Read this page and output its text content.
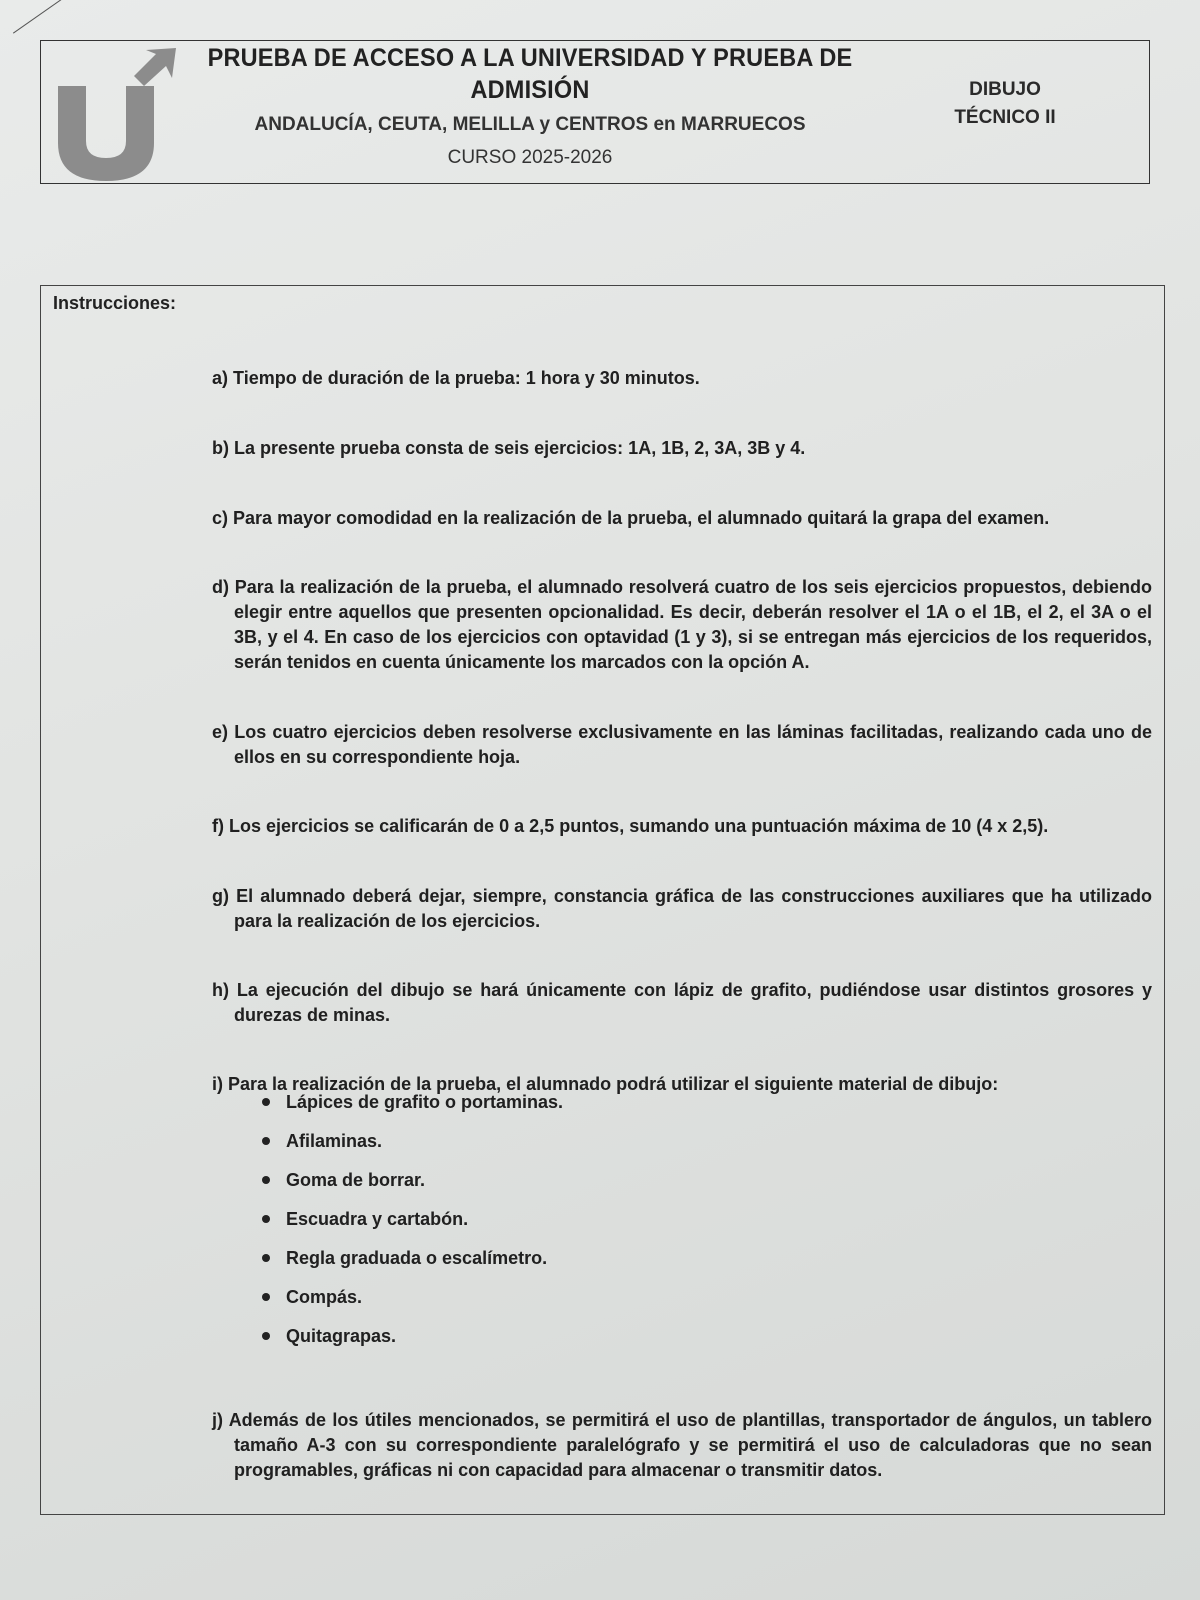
PRUEBA DE ACCESO A LA UNIVERSIDAD Y PRUEBA DE
ADMISIÓN
ANDALUCÍA, CEUTA, MELILLA y CENTROS en MARRUECOS
CURSO 2025-2026
DIBUJO
TÉCNICO II
Instrucciones:
a) Tiempo de duración de la prueba: 1 hora y 30 minutos.
b) La presente prueba consta de seis ejercicios: 1A, 1B, 2, 3A, 3B y 4.
c) Para mayor comodidad en la realización de la prueba, el alumnado quitará la grapa del examen.
d) Para la realización de la prueba, el alumnado resolverá cuatro de los seis ejercicios propuestos, debiendo elegir entre aquellos que presenten opcionalidad. Es decir, deberán resolver el 1A o el 1B, el 2, el 3A o el 3B, y el 4. En caso de los ejercicios con optavidad (1 y 3), si se entregan más ejercicios de los requeridos, serán tenidos en cuenta únicamente los marcados con la opción A.
e) Los cuatro ejercicios deben resolverse exclusivamente en las láminas facilitadas, realizando cada uno de ellos en su correspondiente hoja.
f) Los ejercicios se calificarán de 0 a 2,5 puntos, sumando una puntuación máxima de 10 (4 x 2,5).
g) El alumnado deberá dejar, siempre, constancia gráfica de las construcciones auxiliares que ha utilizado para la realización de los ejercicios.
h) La ejecución del dibujo se hará únicamente con lápiz de grafito, pudiéndose usar distintos grosores y durezas de minas.
i) Para la realización de la prueba, el alumnado podrá utilizar el siguiente material de dibujo:
Lápices de grafito o portaminas.
Afilaminas.
Goma de borrar.
Escuadra y cartabón.
Regla graduada o escalímetro.
Compás.
Quitagrapas.
j) Además de los útiles mencionados, se permitirá el uso de plantillas, transportador de ángulos, un tablero tamaño A-3 con su correspondiente paralelógrafo y se permitirá el uso de calculadoras que no sean programables, gráficas ni con capacidad para almacenar o transmitir datos.
